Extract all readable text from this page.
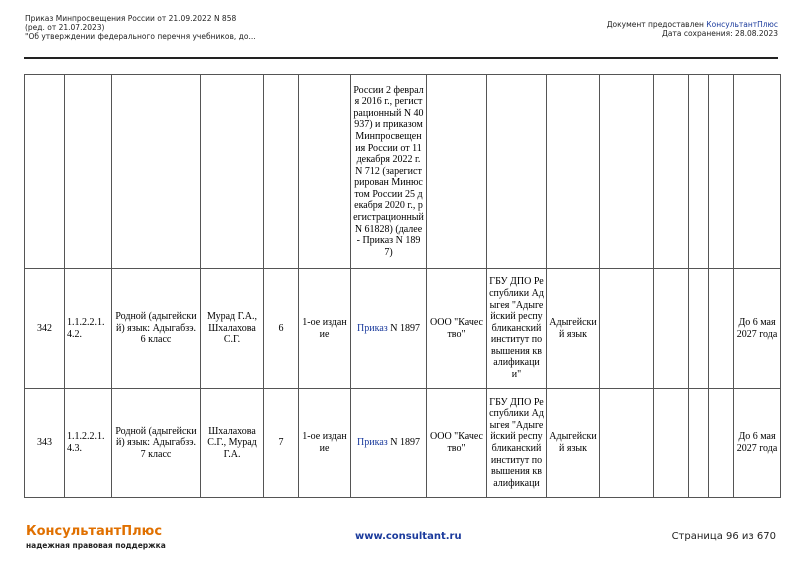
Приказ Минпросвещения России от 21.09.2022 N 858
(ред. от 21.07.2023)
"Об утверждении федерального перечня учебников, до...
Документ предоставлен КонсультантПлюс
Дата сохранения: 28.08.2023
						России 2 февраля 2016 г., регистрационный N 40937) и приказом Минпросвещения России от 11 декабря 2022 г. N 712 (зарегистрирован Минюстом России 25 декабря 2020 г., регистрационный N 61828) (далее - Приказ N 1897)								
342	1.1.2.2.1.4.2.	Родной (адыгейский) язык: Адыгабзэ. 6 класс	Мурад Г.А., Шхалахова С.Г.	6	1-ое издание	Приказ N 1897	ООО "Качество"	ГБУ ДПО Республики Адыгея "Адыгейский республиканский институт повышения квалификации"	Адыгейский язык					До 6 мая 2027 года
343	1.1.2.2.1.4.3.	Родной (адыгейский) язык: Адыгабзэ. 7 класс	Шхалахова С.Г., Мурад Г.А.	7	1-ое издание	Приказ N 1897	ООО "Качество"	ГБУ ДПО Республики Адыгея "Адыгейский республиканский институт повышения квалификаци	Адыгейский язык					До 6 мая 2027 года
КонсультантПлюс
надежная правовая поддержка
www.consultant.ru	Страница 96 из 670
